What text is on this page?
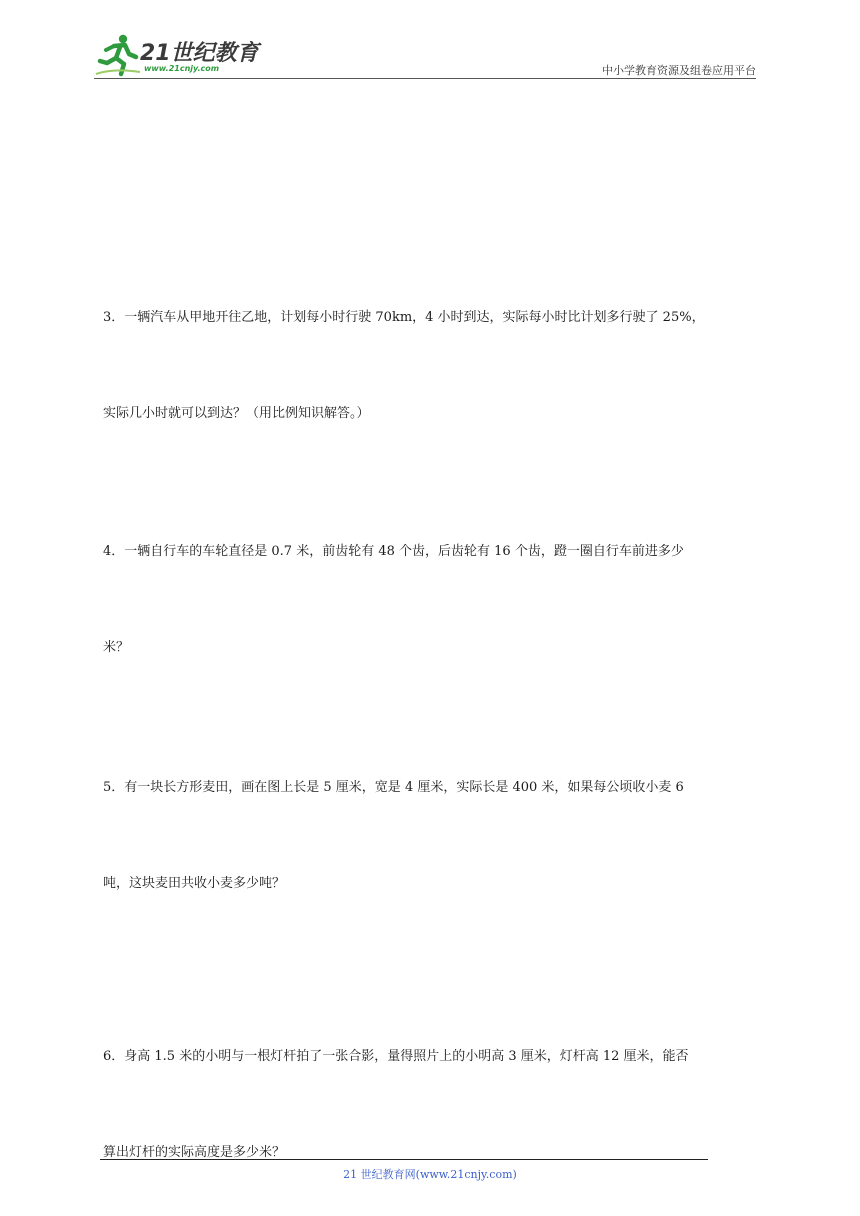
21世纪教育
www.21cnjy.com	中小学教育资源及组卷应用平台

3．一辆汽车从甲地开往乙地，计划每小时行驶 70km，4 小时到达，实际每小时比计划多行驶了 25%，

实际几小时就可以到达？（用比例知识解答。）

4．一辆自行车的车轮直径是 0.7 米，前齿轮有 48 个齿，后齿轮有 16 个齿，蹬一圈自行车前进多少

米？

5．有一块长方形麦田，画在图上长是 5 厘米，宽是 4 厘米，实际长是 400 米，如果每公顷收小麦 6

吨，这块麦田共收小麦多少吨？

6．身高 1.5 米的小明与一根灯杆拍了一张合影，量得照片上的小明高 3 厘米，灯杆高 12 厘米，能否

算出灯杆的实际高度是多少米？

21 世纪教育网(www.21cnjy.com)
